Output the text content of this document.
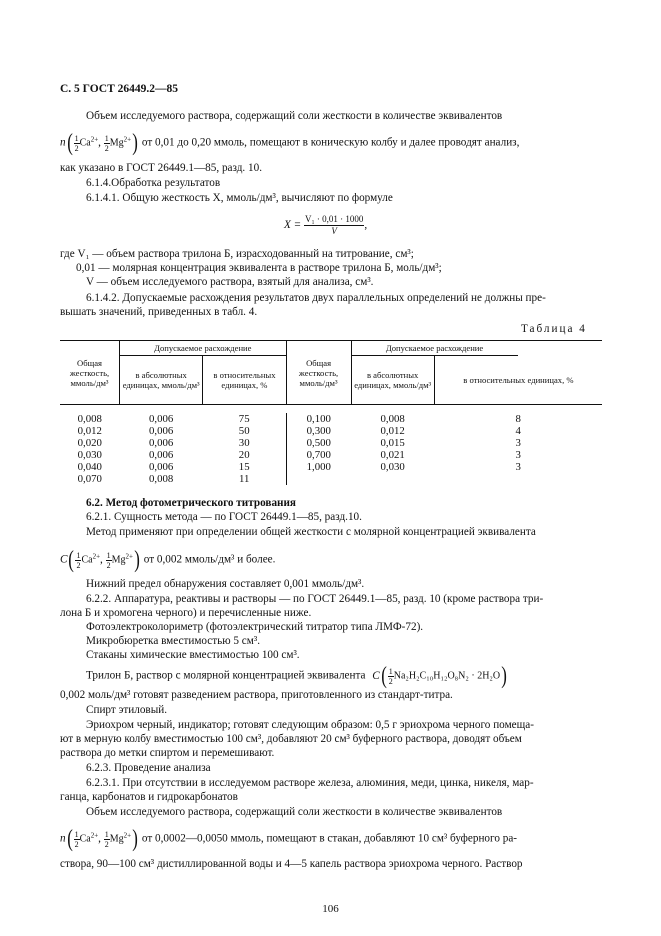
С. 5 ГОСТ 26449.2—85
Объем исследуемого раствора, содержащий соли жесткости в количестве эквивалентов
$n( \frac{1}{2} Ca^{2+}$, $\frac{1}{2} Mg^{2+}$) от 0,01 до 0,20 ммоль, помещают в коническую колбу и далее проводят анализ,
как указано в ГОСТ 26449.1—85, разд. 10.
6.1.4.Обработка результатов
6.1.4.1. Общую жесткость X, ммоль/дм³, вычисляют по формуле
$X = \frac{\text{V₁ · 0,01 · 1000}}{V}$ ,
где V₁ — объем раствора трилона Б, израсходованный на титрование, см³;
0,01 — молярная концентрация эквивалента в растворе трилона Б, моль/дм³;
V — объем исследуемого раствора, взятый для анализа, см³.
6.1.4.2. Допускаемые расхождения результатов двух параллельных определений не должны пре-
вышать значений, приведенных в табл. 4.
Таблица 4
Общая жесткость, ммоль/дм³	Допускаемое расхождение		Общая жесткость, ммоль/дм³	Допускаемое расхождение		
	в абсолютных единицах, ммоль/дм³	в относительных единицах, %		в абсолютных единицах, ммоль/дм³	в относительных единицах, %	

0,008	0,006	75	0,100	0,008	8	
0,012	0,006	50	0,300	0,012	4	
0,020	0,006	30	0,500	0,015	3	
0,030	0,006	20	0,700	0,021	3	
0,040	0,006	15	1,000	0,030	3	
0,070	0,008	11				
6.2. Метод фотометрического титрования
6.2.1. Сущность метода — по ГОСТ 26449.1—85, разд.10.
Метод применяют при определении общей жесткости с молярной концентрацией эквивалента
$C( \frac{1}{2} Ca^{2+}$, $\frac{1}{2} Mg^{2+}$) от 0,002 ммоль/дм³ и более.
Нижний предел обнаружения составляет 0,001 ммоль/дм³.
6.2.2. Аппаратура, реактивы и растворы — по ГОСТ 26449.1—85, разд. 10 (кроме раствора три-
лона Б и хромогена черного) и перечисленные ниже.
Фотоэлектроколориметр (фотоэлектрический титратор типа ЛМФ-72).
Микробюретка вместимостью 5 см³.
Стаканы химические вместимостью 100 см³.
Трилон Б, раствор с молярной концентрацией эквивалента $C( \frac{1}{2} Na_2H_2C_{10}H_{12}O_8N_2 \cdot 2H_2O)$
0,002 моль/дм³ готовят разведением раствора, приготовленного из стандарт-титра.
Спирт этиловый.
Эриохром черный, индикатор; готовят следующим образом: 0,5 г эриохрома черного помеща-
ют в мерную колбу вместимостью 100 см³, добавляют 20 см³ буферного раствора, доводят объем
раствора до метки спиртом и перемешивают.
6.2.3. Проведение анализа
6.2.3.1. При отсутствии в исследуемом растворе железа, алюминия, меди, цинка, никеля, мар-
ганца, карбонатов и гидрокарбонатов
Объем исследуемого раствора, содержащий соли жесткости в количестве эквивалентов
$n( \frac{1}{2} Ca^{2+}$, $\frac{1}{2} Mg^{2+}$) от 0,0002—0,0050 ммоль, помещают в стакан, добавляют 10 см³ буферного ра-
створа, 90—100 см³ дистиллированной воды и 4—5 капель раствора эриохрома черного. Раствор
106
